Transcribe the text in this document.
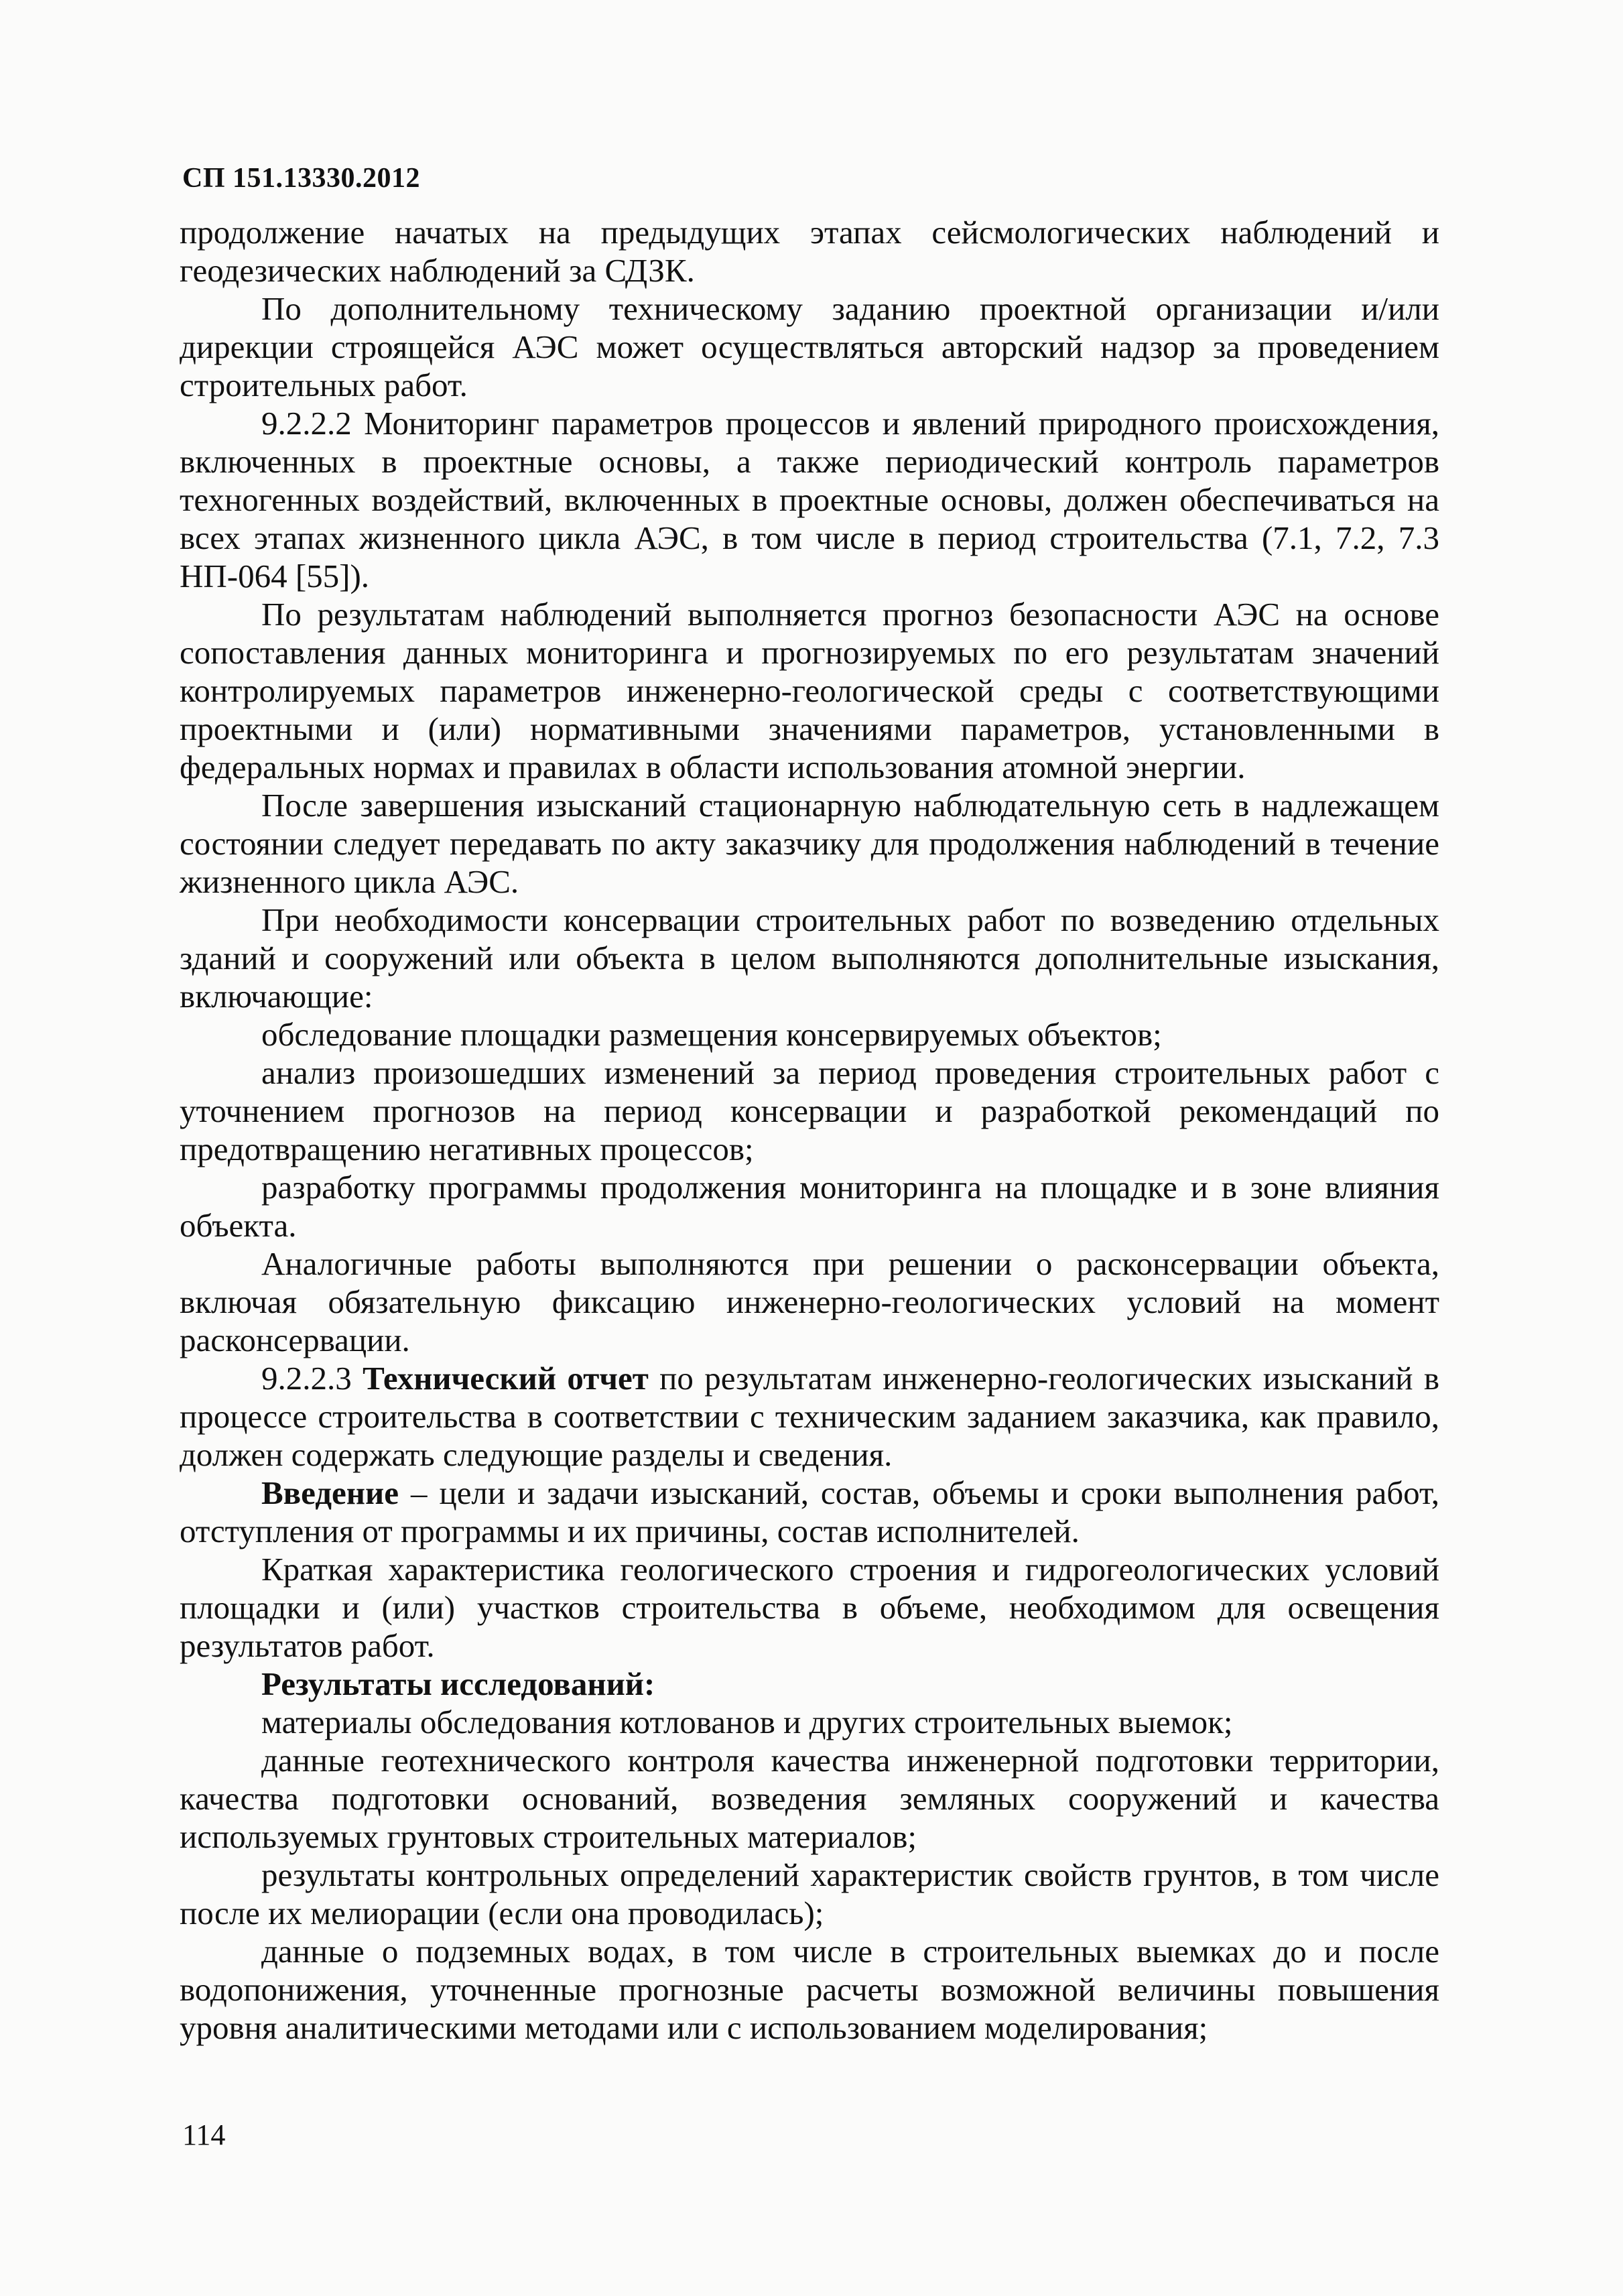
СП 151.13330.2012

продолжение начатых на предыдущих этапах сейсмологических наблюдений и геодезических наблюдений за СДЗК.

По дополнительному техническому заданию проектной организации и/или дирекции строящейся АЭС может осуществляться авторский надзор за проведением строительных работ.

9.2.2.2 Мониторинг параметров процессов и явлений природного происхождения, включенных в проектные основы, а также периодический контроль параметров техногенных воздействий, включенных в проектные основы, должен обеспечиваться на всех этапах жизненного цикла АЭС, в том числе в период строительства (7.1, 7.2, 7.3 НП-064 [55]).

По результатам наблюдений выполняется прогноз безопасности АЭС на основе сопоставления данных мониторинга и прогнозируемых по его результатам значений контролируемых параметров инженерно-геологической среды с соответствующими проектными и (или) нормативными значениями параметров, установленными в федеральных нормах и правилах в области использования атомной энергии.

После завершения изысканий стационарную наблюдательную сеть в надлежащем состоянии следует передавать по акту заказчику для продолжения наблюдений в течение жизненного цикла АЭС.

При необходимости консервации строительных работ по возведению отдельных зданий и сооружений или объекта в целом выполняются дополнительные изыскания, включающие:

обследование площадки размещения консервируемых объектов;

анализ произошедших изменений за период проведения строительных работ с уточнением прогнозов на период консервации и разработкой рекомендаций по предотвращению негативных процессов;

разработку программы продолжения мониторинга на площадке и в зоне влияния объекта.

Аналогичные работы выполняются при решении о расконсервации объекта, включая обязательную фиксацию инженерно-геологических условий на момент расконсервации.

9.2.2.3 Технический отчет по результатам инженерно-геологических изысканий в процессе строительства в соответствии с техническим заданием заказчика, как правило, должен содержать следующие разделы и сведения.

Введение – цели и задачи изысканий, состав, объемы и сроки выполнения работ, отступления от программы и их причины, состав исполнителей.

Краткая характеристика геологического строения и гидрогеологических условий площадки и (или) участков строительства в объеме, необходимом для освещения результатов работ.

Результаты исследований:

материалы обследования котлованов и других строительных выемок;

данные геотехнического контроля качества инженерной подготовки территории, качества подготовки оснований, возведения земляных сооружений и качества используемых грунтовых строительных материалов;

результаты контрольных определений характеристик свойств грунтов, в том числе после их мелиорации (если она проводилась);

данные о подземных водах, в том числе в строительных выемках до и после водопонижения, уточненные прогнозные расчеты возможной величины повышения уровня аналитическими методами или с использованием моделирования;

114
